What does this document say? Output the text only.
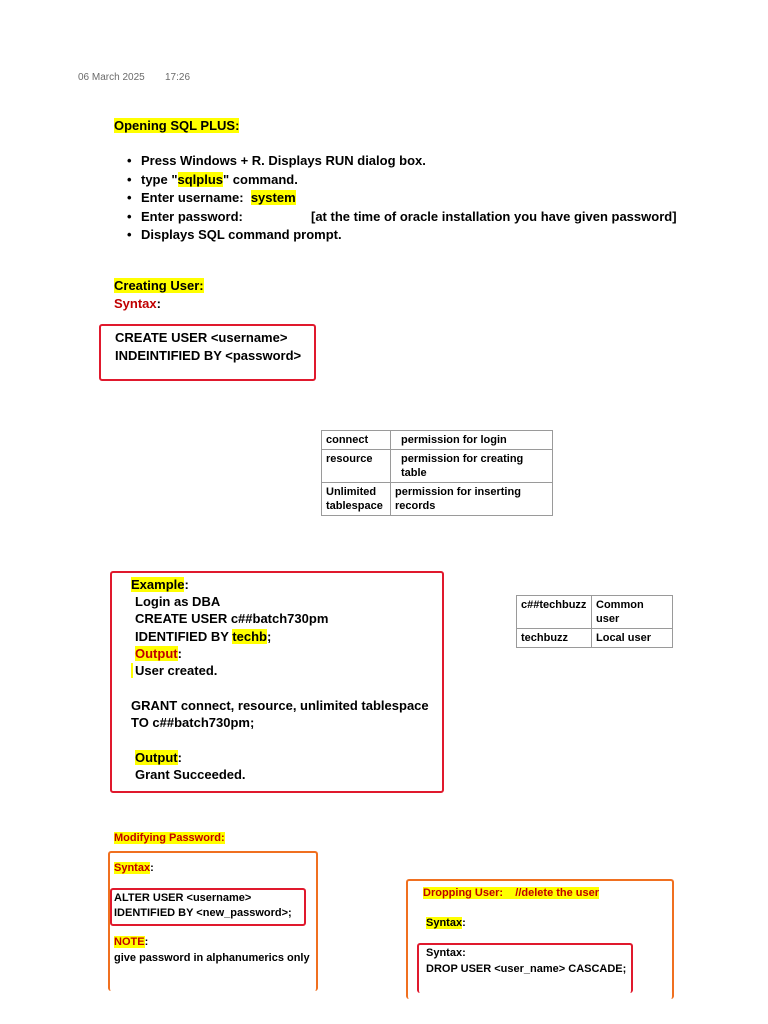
06 March 2025 17:26
Opening SQL PLUS:
• Press Windows + R. Displays RUN dialog box.
• type "sqlplus" command.
• Enter username:  system
• Enter password:	[at the time of oracle installation you have given password]
• Displays SQL command prompt.
Creating User:
Syntax:
CREATE USER <username>
INDEINTIFIED BY <password>
connect	permission for login
resource	permission for creating table
Unlimited tablespace	permission for inserting records
Example:
Login as DBA
CREATE USER c##batch730pm
IDENTIFIED BY techb;
Output:
User created.
GRANT connect, resource, unlimited tablespace
TO c##batch730pm;
Output:
Grant Succeeded.
c##techbuzz	Common user
techbuzz	Local user
Modifying Password:
Syntax:
ALTER USER <username>
IDENTIFIED BY <new_password>;
NOTE:
give password in alphanumerics only
Dropping User:    //delete the user
Syntax:
Syntax:
DROP USER <user_name> CASCADE;
